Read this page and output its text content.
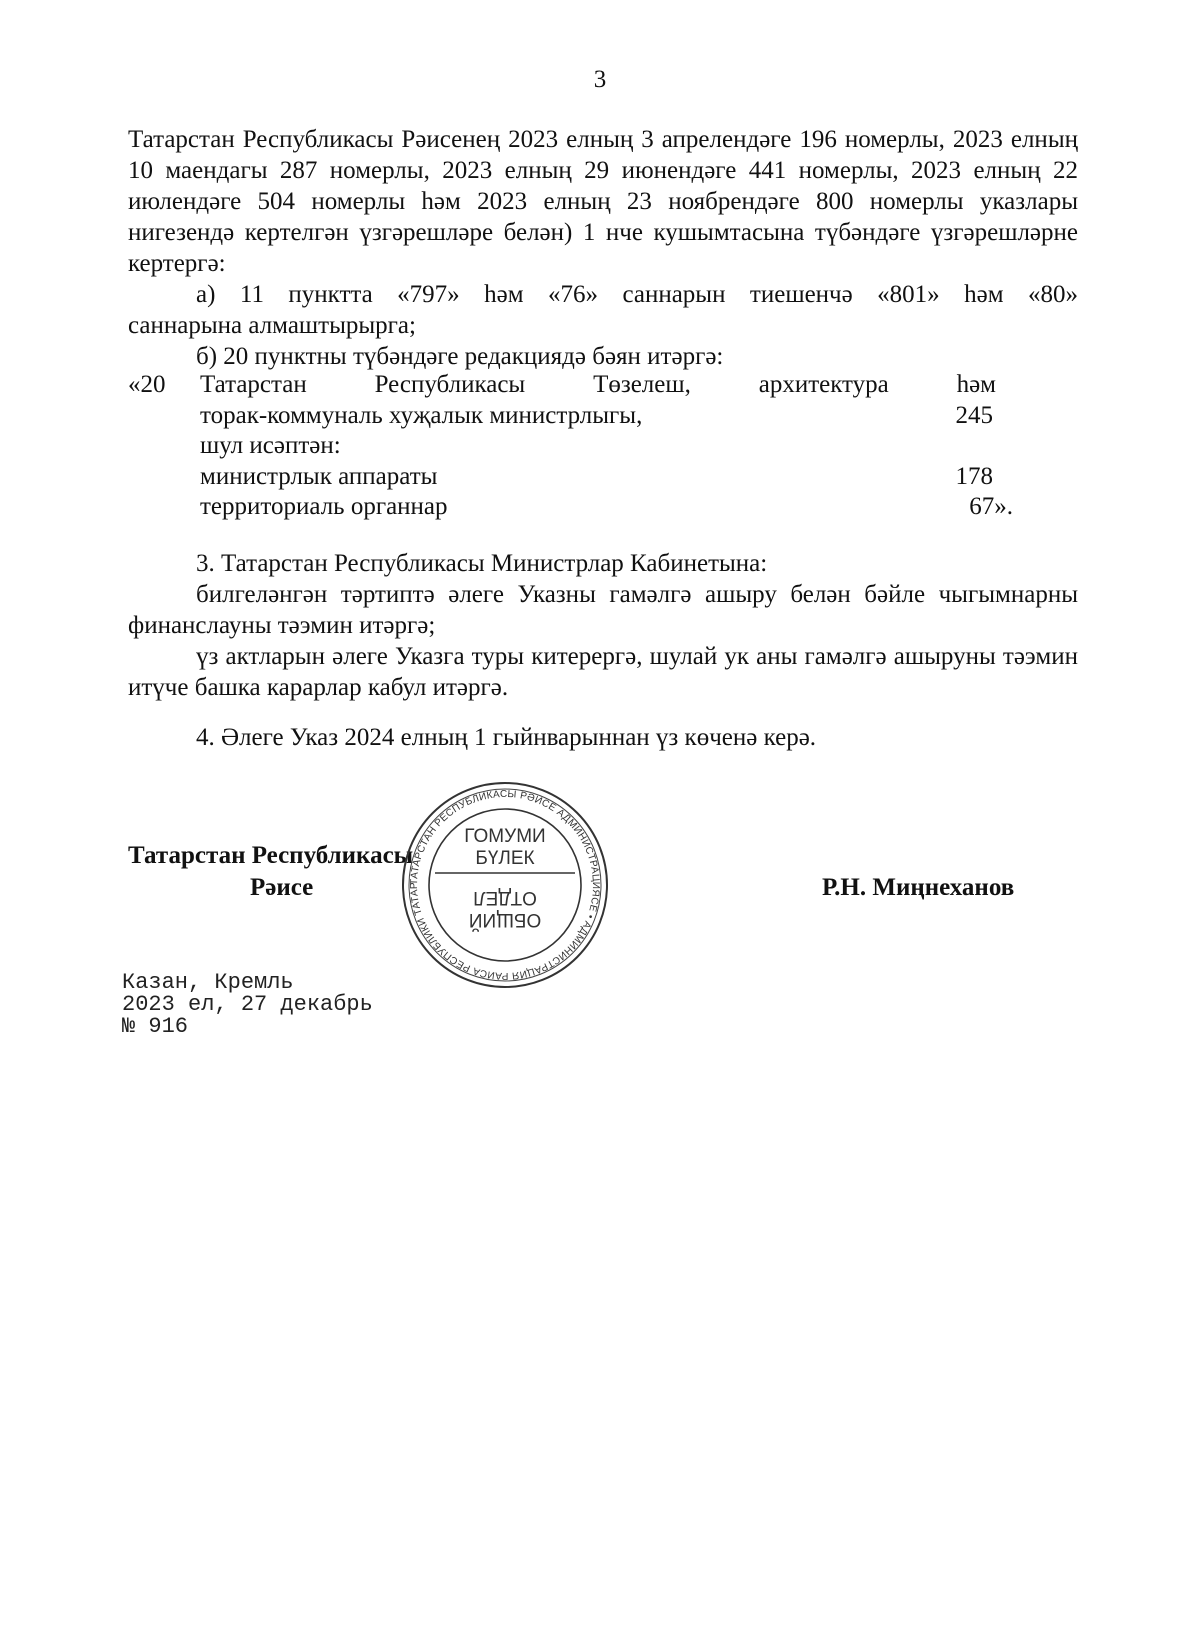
3

Татарстан Республикасы Рәисенең 2023 елның 3 апрелендәге 196 номерлы, 2023 елның 10 маендагы 287 номерлы, 2023 елның 29 июнендәге 441 номерлы, 2023 елның 22 июлендәге 504 номерлы һәм 2023 елның 23 ноябрендәге 800 номерлы указлары нигезендә кертелгән үзгәрешләре белән) 1 нче кушымтасына түбәндәге үзгәрешләрне кертергә:

а) 11 пунктта «797» һәм «76» саннарын тиешенчә «801» һәм «80»

саннарына алмаштырырга;

б) 20 пунктны түбәндәге редакциядә бәян итәргә:

«20 Татарстан Республикасы Төзелеш, архитектура һәм
торак-коммуналь хуҗалык министрлыгы,	245
шул исәптән:
министрлык аппараты	178
территориаль органнар	67».

3. Татарстан Республикасы Министрлар Кабинетына:

билгеләнгән тәртиптә әлеге Указны гамәлгә ашыру белән бәйле чыгымнарны финанслауны тәэмин итәргә;

үз актларын әлеге Указга туры китерергә, шулай ук аны гамәлгә ашыруны тәэмин итүче башка карарлар кабул итәргә.

4. Әлеге Указ 2024 елның 1 гыйнварыннан үз көченә керә.

Татарстан Республикасы
Рәисе	Р.Н. Миңнеханов
Казан, Кремль
2023 ел, 27 декабрь
№ 916
ТАТАРСТАН РЕСПУБЛИКАСЫ РӘИСЕ АДМИНИСТРАЦИЯСЕ • АДМИНИСТРАЦИЯ РАИСА РЕСПУБЛИКИ ТАТАР
ГОМУМИ
БҮЛЕК
ОТДЕЛ
ОБЩИЙ
